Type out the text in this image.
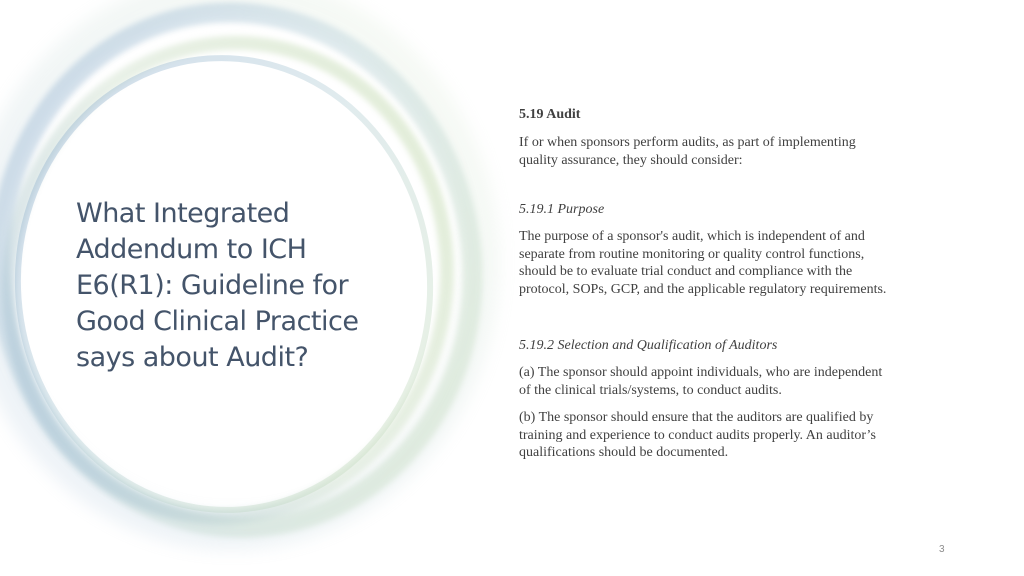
What Integrated
Addendum to ICH
E6(R1): Guideline for
Good Clinical Practice
says about Audit?
5.19 Audit
If or when sponsors perform audits, as part of implementing
quality assurance, they should consider:
5.19.1 Purpose
The purpose of a sponsor's audit, which is independent of and
separate from routine monitoring or quality control functions,
should be to evaluate trial conduct and compliance with the
protocol, SOPs, GCP, and the applicable regulatory requirements.
5.19.2 Selection and Qualification of Auditors
(a) The sponsor should appoint individuals, who are independent
of the clinical trials/systems, to conduct audits.
(b) The sponsor should ensure that the auditors are qualified by
training and experience to conduct audits properly. An auditor’s
qualifications should be documented.
3
